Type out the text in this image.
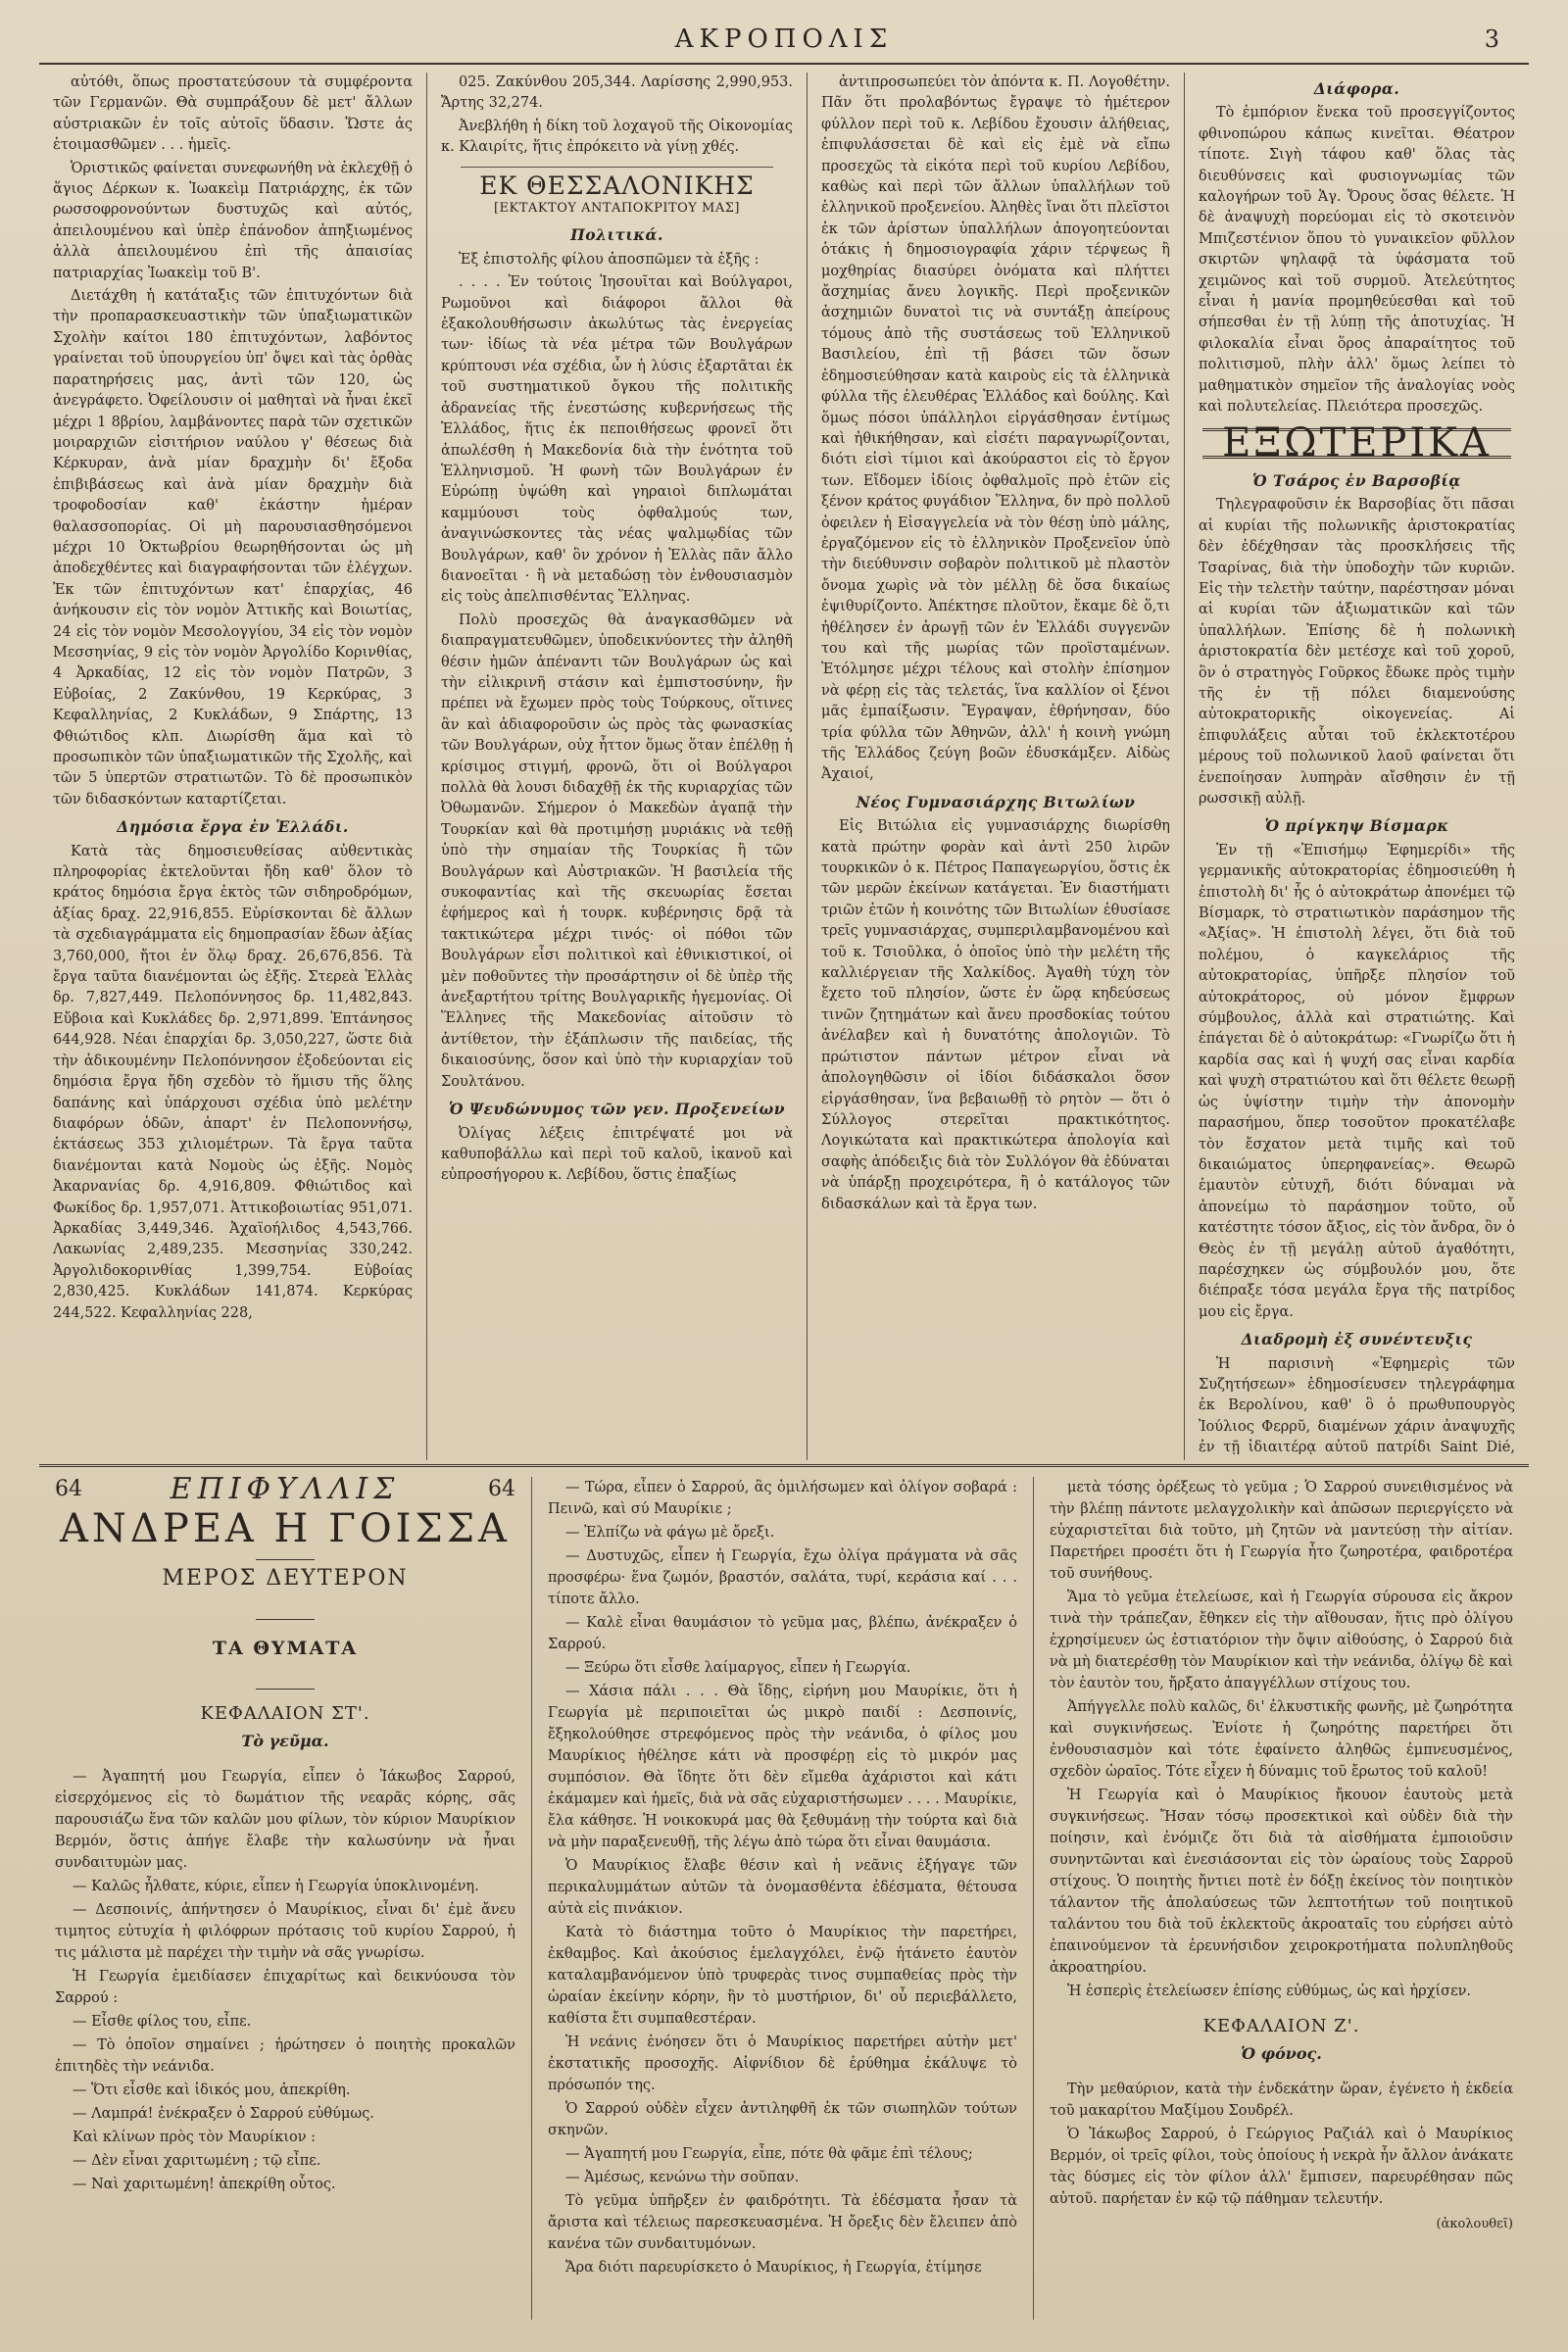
ΑΚΡΟΠΟΛΙΣ	3

αὐτόθι, ὅπως προστατεύσουν τὰ συμφέροντα τῶν Γερμανῶν. Θὰ συμπράξουν δὲ μετ' ἄλλων αὐστριακῶν ἐν τοῖς αὐτοῖς ὕδασιν. Ὥστε ἀς ἑτοιμασθῶμεν . . . ἡμεῖς.

Ὁριστικῶς φαίνεται συνεφωνήθη νὰ ἐκλεχθῇ ὁ ἅγιος Δέρκων κ. Ἰωακεὶμ Πατριάρχης, ἐκ τῶν ρωσσοφρονούντων δυστυχῶς καὶ αὐτός, ἀπειλουμένου καὶ ὑπὲρ ἐπάνοδον ἀπηξιωμένος ἀλλὰ ἀπειλουμένου ἐπὶ τῆς ἀπαισίας πατριαρχίας Ἰωακεὶμ τοῦ Β'.

Διετάχθη ἡ κατάταξις τῶν ἐπιτυχόντων διὰ τὴν προπαρασκευαστικὴν τῶν ὑπαξιωματικῶν Σχολὴν καίτοι 180 ἐπιτυχόντων, λαβόντος γραίνεται τοῦ ὑπουργείου ὑπ' ὄψει καὶ τὰς ὀρθὰς παρατηρήσεις μας, ἀντὶ τῶν 120, ὡς ἀνεγράφετο. Ὀφείλουσιν οἱ μαθηταὶ νὰ ἦναι ἐκεῖ μέχρι 1 8βρίου, λαμβάνοντες παρὰ τῶν σχετικῶν μοιραρχιῶν εἰσιτήριον ναύλου γ' θέσεως διὰ Κέρκυραν, ἀνὰ μίαν δραχμὴν δι' ἔξοδα ἐπιβιβάσεως καὶ ἀνὰ μίαν δραχμὴν διὰ τροφοδοσίαν καθ' ἑκάστην ἡμέραν θαλασσοπορίας. Οἱ μὴ παρουσιασθησόμενοι μέχρι 10 Ὀκτωβρίου θεωρηθήσονται ὡς μὴ ἀποδεχθέντες καὶ διαγραφήσονται τῶν ἐλέγχων. Ἐκ τῶν ἐπιτυχόντων κατ' ἐπαρχίας, 46 ἀνήκουσιν εἰς τὸν νομὸν Ἀττικῆς καὶ Βοιωτίας, 24 εἰς τὸν νομὸν Μεσολογγίου, 34 εἰς τὸν νομὸν Μεσσηνίας, 9 εἰς τὸν νομὸν Ἀργολίδο Κορινθίας, 4 Ἀρκαδίας, 12 εἰς τὸν νομὸν Πατρῶν, 3 Εὐβοίας, 2 Ζακύνθου, 19 Κερκύρας, 3 Κεφαλληνίας, 2 Κυκλάδων, 9 Σπάρτης, 13 Φθιώτιδος κλπ. Διωρίσθη ἅμα καὶ τὸ προσωπικὸν τῶν ὑπαξιωματικῶν τῆς Σχολῆς, καὶ τῶν 5 ὑπερτῶν στρατιωτῶν. Τὸ δὲ προσωπικὸν τῶν διδασκόντων καταρτίζεται.

Δημόσια ἔργα ἐν Ἑλλάδι.

Κατὰ τὰς δημοσιευθείσας αὐθεντικὰς πληροφορίας ἐκτελοῦνται ἤδη καθ' ὅλον τὸ κράτος δημόσια ἔργα ἐκτὸς τῶν σιδηροδρόμων, ἀξίας δραχ. 22,916,855. Εὑρίσκονται δὲ ἄλλων τὰ σχεδιαγράμματα εἰς δημοπρασίαν ἔδων ἀξίας 3,760,000, ἤτοι ἐν ὅλῳ δραχ. 26,676,856. Τὰ ἔργα ταῦτα διανέμονται ὡς ἑξῆς. Στερεὰ Ἑλλὰς δρ. 7,827,449. Πελοπόννησος δρ. 11,482,843. Εὔβοια καὶ Κυκλάδες δρ. 2,971,899. Ἑπτάνησος 644,928. Νέαι ἐπαρχίαι δρ. 3,050,227, ὥστε διὰ τὴν ἀδικουμένην Πελοπόννησον ἐξοδεύονται εἰς δημόσια ἔργα ἤδη σχεδὸν τὸ ἥμισυ τῆς ὅλης δαπάνης καὶ ὑπάρχουσι σχέδια ὑπὸ μελέτην διαφόρων ὁδῶν, ἀπαρτ' ἐν Πελοποννήσῳ, ἐκτάσεως 353 χιλιομέτρων. Τὰ ἔργα ταῦτα διανέμονται κατὰ Νομοὺς ὡς ἑξῆς. Νομὸς Ἀκαρνανίας δρ. 4,916,809. Φθιώτιδος καὶ Φωκίδος δρ. 1,957,071. Ἀττικοβοιωτίας 951,071. Ἀρκαδίας 3,449,346. Ἀχαϊοήλιδος 4,543,766. Λακωνίας 2,489,235. Μεσσηνίας 330,242. Ἀργολιδοκορινθίας 1,399,754. Εὐβοίας 2,830,425. Κυκλάδων 141,874. Κερκύρας 244,522. Κεφαλληνίας 228,

025. Ζακύνθου 205,344. Λαρίσσης 2,990,953. Ἄρτης 32,274.

Ἀνεβλήθη ἡ δίκη τοῦ λοχαγοῦ τῆς Οἰκονομίας κ. Κλαιρίτς, ἥτις ἐπρόκειτο νὰ γίνῃ χθές.

ΕΚ ΘΕΣΣΑΛΟΝΙΚΗΣ
[ΕΚΤΑΚΤΟΥ ΑΝΤΑΠΟΚΡΙΤΟΥ ΜΑΣ]
Πολιτικά.

Ἐξ ἐπιστολῆς φίλου ἀποσπῶμεν τὰ ἑξῆς :

. . . . Ἐν τούτοις Ἰησουῖται καὶ Βούλγαροι, Ρωμοῦνοι καὶ διάφοροι ἄλλοι θὰ ἐξακολουθήσωσιν ἀκωλύτως τὰς ἐνεργείας των· ἰδίως τὰ νέα μέτρα τῶν Βουλγάρων κρύπτουσι νέα σχέδια, ὧν ἡ λύσις ἐξαρτᾶται ἐκ τοῦ συστηματικοῦ ὄγκου τῆς πολιτικῆς ἀδρανείας τῆς ἐνεστώσης κυβερνήσεως τῆς Ἑλλάδος, ἥτις ἐκ πεποιθήσεως φρονεῖ ὅτι ἀπωλέσθη ἡ Μακεδονία διὰ τὴν ἑνότητα τοῦ Ἑλληνισμοῦ. Ἡ φωνὴ τῶν Βουλγάρων ἐν Εὐρώπῃ ὑψώθη καὶ γηραιοὶ διπλωμάται καμμύουσι τοὺς ὀφθαλμούς των, ἀναγινώσκοντες τὰς νέας ψαλμῳδίας τῶν Βουλγάρων, καθ' ὃν χρόνον ἡ Ἑλλὰς πᾶν ἄλλο διανοεῖται · ἢ νὰ μεταδώσῃ τὸν ἐνθουσιασμὸν εἰς τοὺς ἀπελπισθέντας Ἕλληνας.

Πολὺ προσεχῶς θὰ ἀναγκασθῶμεν νὰ διαπραγματευθῶμεν, ὑποδεικνύοντες τὴν ἀληθῆ θέσιν ἡμῶν ἀπέναντι τῶν Βουλγάρων ὡς καὶ τὴν εἰλικρινῆ στάσιν καὶ ἐμπιστοσύνην, ἣν πρέπει νὰ ἔχωμεν πρὸς τοὺς Τούρκους, οἵτινες ἂν καὶ ἀδιαφοροῦσιν ὡς πρὸς τὰς φωνασκίας τῶν Βουλγάρων, οὐχ ἧττον ὅμως ὅταν ἐπέλθῃ ἡ κρίσιμος στιγμή, φρονῶ, ὅτι οἱ Βούλγαροι πολλὰ θὰ λουσι διδαχθῇ ἐκ τῆς κυριαρχίας τῶν Ὀθωμανῶν. Σήμερον ὁ Μακεδὼν ἀγαπᾷ τὴν Τουρκίαν καὶ θὰ προτιμήσῃ μυριάκις νὰ τεθῇ ὑπὸ τὴν σημαίαν τῆς Τουρκίας ἢ τῶν Βουλγάρων καὶ Αὐστριακῶν. Ἡ βασιλεία τῆς συκοφαντίας καὶ τῆς σκευωρίας ἔσεται ἐφήμερος καὶ ἡ τουρκ. κυβέρνησις δρᾷ τὰ τακτικώτερα μέχρι τινός· οἱ πόθοι τῶν Βουλγάρων εἶσι πολιτικοὶ καὶ ἐθνικιστικοί, οἱ μὲν ποθοῦντες τὴν προσάρτησιν οἱ δὲ ὑπὲρ τῆς ἀνεξαρτήτου τρίτης Βουλγαρικῆς ἡγεμονίας. Οἱ Ἕλληνες τῆς Μακεδονίας αἰτοῦσιν τὸ ἀντίθετον, τὴν ἐξάπλωσιν τῆς παιδείας, τῆς δικαιοσύνης, ὅσον καὶ ὑπὸ τὴν κυριαρχίαν τοῦ Σουλτάνου.

Ὁ Ψευδώνυμος τῶν γεν. Προξενείων

Ὀλίγας λέξεις ἐπιτρέψατέ μοι νὰ καθυποβάλλω καὶ περὶ τοῦ καλοῦ, ἱκανοῦ καὶ εὐπροσήγορου κ. Λεβίδου, ὅστις ἐπαξίως

ἀντιπροσωπεύει τὸν ἀπόντα κ. Π. Λογοθέτην. Πᾶν ὅτι προλαβόντως ἔγραψε τὸ ἡμέτερον φύλλον περὶ τοῦ κ. Λεβίδου ἔχουσιν ἀλήθειας, ἐπιφυλάσσεται δὲ καὶ εἰς ἐμὲ νὰ εἴπω προσεχῶς τὰ εἰκότα περὶ τοῦ κυρίου Λεβίδου, καθὼς καὶ περὶ τῶν ἄλλων ὑπαλλήλων τοῦ ἑλληνικοῦ προξενείου. Ἀληθὲς ἴναι ὅτι πλεῖστοι ἐκ τῶν ἀρίστων ὑπαλλήλων ἀπογοητεύονται ὁτάκις ἡ δημοσιογραφία χάριν τέρψεως ἢ μοχθηρίας διασύρει ὀνόματα καὶ πλήττει ἄσχημίας ἄνευ λογικῆς. Περὶ προξενικῶν ἀσχημιῶν δυνατοὶ τις νὰ συντάξῃ ἀπείρους τόμους ἀπὸ τῆς συστάσεως τοῦ Ἑλληνικοῦ Βασιλείου, ἐπὶ τῇ βάσει τῶν ὅσων ἐδημοσιεύθησαν κατὰ καιροὺς εἰς τὰ ἑλληνικὰ φύλλα τῆς ἐλευθέρας Ἑλλάδος καὶ δούλης. Καὶ ὅμως πόσοι ὑπάλληλοι εἰργάσθησαν ἐντίμως καὶ ἠθικήθησαν, καὶ εἰσέτι παραγνωρίζονται, διότι εἰσὶ τίμιοι καὶ ἀκούραστοι εἰς τὸ ἔργον των. Εἴδομεν ἰδίοις ὀφθαλμοῖς πρὸ ἐτῶν εἰς ξένον κράτος φυγάδιον Ἕλληνα, δν πρὸ πολλοῦ ὀφειλεν ἡ Εἰσαγγελεία νὰ τὸν θέσῃ ὑπὸ μάλης, ἐργαζόμενον εἰς τὸ ἑλληνικὸν Προξενεῖον ὑπὸ τὴν διεύθυνσιν σοβαρὸν πολιτικοῦ μὲ πλαστὸν ὄνομα χωρὶς νὰ τὸν μέλλῃ δὲ ὅσα δικαίως ἐψιθυρίζοντο. Ἀπέκτησε πλοῦτον, ἔκαμε δὲ ὅ,τι ἠθέλησεν ἐν ἀρωγῇ τῶν ἐν Ἑλλάδι συγγενῶν του καὶ τῆς μωρίας τῶν προϊσταμένων. Ἐτόλμησε μέχρι τέλους καὶ στολὴν ἐπίσημον νὰ φέρῃ εἰς τὰς τελετάς, ἵνα καλλίον οἱ ξένοι μᾶς ἐμπαίξωσιν. Ἔγραψαν, ἐθρήνησαν, δύο τρία φύλλα τῶν Ἀθηνῶν, ἀλλ' ἡ κοινὴ γνώμη τῆς Ἑλλάδος ζεύγη βοῶν ἐδυσκάμξεν. Αἰδὼς Ἀχαιοί,

Νέος Γυμνασιάρχης Βιτωλίων

Εἰς Βιτώλια εἰς γυμνασιάρχης διωρίσθη κατὰ πρώτην φορὰν καὶ ἀντὶ 250 λιρῶν τουρκικῶν ὁ κ. Πέτρος Παπαγεωργίου, ὅστις ἐκ τῶν μερῶν ἐκείνων κατάγεται. Ἐν διαστήματι τριῶν ἐτῶν ἡ κοινότης τῶν Βιτωλίων ἐθυσίασε τρεῖς γυμνασιάρχας, συμπεριλαμβανομένου καὶ τοῦ κ. Τσιοῦλκα, ὁ ὁποῖος ὑπὸ τὴν μελέτη τῆς καλλιέργειαν τῆς Χαλκίδος. Ἀγαθὴ τύχη τὸν ἔχετο τοῦ πλησίον, ὥστε ἐν ὥρᾳ κηδεύσεως τινῶν ζητημάτων καὶ ἄνευ προσδοκίας τούτου ἀνέλαβεν καὶ ἡ δυνατότης ἀπολογιῶν. Τὸ πρώτιστον πάντων μέτρον εἶναι νὰ ἀπολογηθῶσιν οἱ ἰδίοι διδάσκαλοι ὅσον εἰργάσθησαν, ἵνα βεβαιωθῇ τὸ ρητὸν — ὅτι ὁ Σύλλογος στερεῖται πρακτικότητος. Λογικώτατα καὶ πρακτικώτερα ἀπολογία καὶ σαφὴς ἀπόδειξις διὰ τὸν Συλλόγον θὰ ἐδύναται νὰ ὑπάρξῃ προχειρότερα, ἢ ὁ κατάλογος τῶν διδασκάλων καὶ τὰ ἔργα των.

Διάφορα.

Τὸ ἐμπόριον ἕνεκα τοῦ προσεγγίζοντος φθινοπώρου κάπως κινεῖται. Θέατρον τίποτε. Σιγὴ τάφου καθ' ὅλας τὰς διευθύνσεις καὶ φυσιογνωμίας τῶν καλογήρων τοῦ Ἁγ. Ὄρους ὅσας θέλετε. Ἡ δὲ ἀναψυχὴ πορεύομαι εἰς τὸ σκοτεινὸν Μπιζεστένιον ὅπου τὸ γυναικεῖον φῦλλον σκιρτῶν ψηλαφᾷ τὰ ὑφάσματα τοῦ χειμῶνος καὶ τοῦ συρμοῦ. Ἀτελεύτητος εἶναι ἡ μανία προμηθεύεσθαι καὶ τοῦ σήπεσθαι ἐν τῇ λύπῃ τῆς ἀποτυχίας. Ἡ φιλοκαλία εἶναι ὅρος ἀπαραίτητος τοῦ πολιτισμοῦ, πλὴν ἀλλ' ὅμως λείπει τὸ μαθηματικὸν σημεῖον τῆς ἀναλογίας νοὸς καὶ πολυτελείας. Πλειότερα προσεχῶς.

ΕΞΩΤΕΡΙΚΑ
Ὁ Τσάρος ἐν Βαρσοβίᾳ

Τηλεγραφοῦσιν ἐκ Βαρσοβίας ὅτι πᾶσαι αἱ κυρίαι τῆς πολωνικῆς ἀριστοκρατίας δὲν ἐδέχθησαν τὰς προσκλήσεις τῆς Τσαρίνας, διὰ τὴν ὑποδοχὴν τῶν κυριῶν. Εἰς τὴν τελετὴν ταύτην, παρέστησαν μόναι αἱ κυρίαι τῶν ἀξιωματικῶν καὶ τῶν ὑπαλλήλων. Ἐπίσης δὲ ἡ πολωνικὴ ἀριστοκρατία δὲν μετέσχε καὶ τοῦ χοροῦ, ὃν ὁ στρατηγὸς Γοῦρκος ἔδωκε πρὸς τιμὴν τῆς ἐν τῇ πόλει διαμενούσης αὐτοκρατορικῆς οἰκογενείας. Αἱ ἐπιφυλάξεις αὗται τοῦ ἐκλεκτοτέρου μέρους τοῦ πολωνικοῦ λαοῦ φαίνεται ὅτι ἐνεποίησαν λυπηρὰν αἴσθησιν ἐν τῇ ρωσσικῇ αὐλῇ.

Ὁ πρίγκηψ Βίσμαρκ

Ἐν τῇ «Ἐπισήμῳ Ἐφημερίδι» τῆς γερμανικῆς αὐτοκρατορίας ἐδημοσιεύθη ἡ ἐπιστολὴ δι' ἧς ὁ αὐτοκράτωρ ἀπονέμει τῷ Βίσμαρκ, τὸ στρατιωτικὸν παράσημον τῆς «Ἀξίας». Ἡ ἐπιστολὴ λέγει, ὅτι διὰ τοῦ πολέμου, ὁ καγκελάριος τῆς αὐτοκρατορίας, ὑπῆρξε πλησίον τοῦ αὐτοκράτορος, οὐ μόνον ἔμφρων σύμβουλος, ἀλλὰ καὶ στρατιώτης. Καὶ ἐπάγεται δὲ ὁ αὐτοκράτωρ: «Γνωρίζω ὅτι ἡ καρδία σας καὶ ἡ ψυχή σας εἶναι καρδία καὶ ψυχὴ στρατιώτου καὶ ὅτι θέλετε θεωρῇ ὡς ὑψίστην τιμὴν τὴν ἀπονομὴν παρασήμου, ὅπερ τοσοῦτον προκατέλαβε τὸν ἔσχατον μετὰ τιμῆς καὶ τοῦ δικαιώματος ὑπερηφανείας». Θεωρῶ ἐμαυτὸν εὐτυχῆ, διότι δύναμαι νὰ ἀπονείμω τὸ παράσημον τοῦτο, οὗ κατέστητε τόσον ἄξιος, εἰς τὸν ἄνδρα, ὃν ὁ Θεὸς ἐν τῇ μεγάλῃ αὐτοῦ ἀγαθότητι, παρέσχηκεν ὡς σύμβουλόν μου, ὅτε διέπραξε τόσα μεγάλα ἔργα τῆς πατρίδος μου εἰς ἔργα.

Διαδρομὴ ἐξ συνέντευξις

Ἡ παρισινὴ «Ἐφημερὶς τῶν Συζητήσεων» ἐδημοσίευσεν τηλεγράφημα ἐκ Βερολίνου, καθ' ὃ ὁ πρωθυπουργὸς Ἰούλιος Φερρῦ, διαμένων χάριν ἀναψυχῆς ἐν τῇ ἰδιαιτέρᾳ αὐτοῦ πατρίδι Saint Dié,

64	ΕΠΙΦΥΛΛΙΣ	64
ΑΝΔΡΕΑ Η ΓΟΙΣΣΑ
ΜΕΡΟΣ ΔΕΥΤΕΡΟΝ
ΤΑ ΘΥΜΑΤΑ
ΚΕΦΑΛΑΙΟΝ ΣΤ'.
Τὸ γεῦμα.

— Ἀγαπητή μου Γεωργία, εἶπεν ὁ Ἰάκωβος Σαρρού, εἰσερχόμενος εἰς τὸ δωμάτιον τῆς νεαρᾶς κόρης, σᾶς παρουσιάζω ἕνα τῶν καλῶν μου φίλων, τὸν κύριον Μαυρίκιον Βερμόν, ὅστις ἀπήγε ἔλαβε τὴν καλωσύνην νὰ ἦναι συνδαιτυμὼν μας.

— Καλῶς ἦλθατε, κύριε, εἶπεν ἡ Γεωργία ὑποκλινομένη.

— Δεσποινίς, ἀπήντησεν ὁ Μαυρίκιος, εἶναι δι' ἐμὲ ἄνευ τιμητος εὐτυχία ἡ φιλόφρων πρότασις τοῦ κυρίου Σαρρού, ἡ τις μάλιστα μὲ παρέχει τὴν τιμὴν νὰ σᾶς γνωρίσω.

Ἡ Γεωργία ἐμειδίασεν ἐπιχαρίτως καὶ δεικνύουσα τὸν Σαρρού :

— Εἶσθε φίλος του, εἶπε.

— Τὸ ὁποῖον σημαίνει ; ἠρώτησεν ὁ ποιητὴς προκαλῶν ἐπιτηδὲς τὴν νεάνιδα.

— Ὅτι εἶσθε καὶ ἰδικός μου, ἀπεκρίθη.

— Λαμπρά! ἐνέκραξεν ὁ Σαρρού εὐθύμως.

Καὶ κλίνων πρὸς τὸν Μαυρίκιον :

— Δὲν εἶναι χαριτωμένη ; τῷ εἶπε.

— Ναὶ χαριτωμένη! ἀπεκρίθη οὗτος.

— Τώρα, εἶπεν ὁ Σαρρού, ἂς ὁμιλήσωμεν καὶ ὀλίγον σοβαρά : Πεινῶ, καὶ σύ Μαυρίκιε ;

— Ἐλπίζω νὰ φάγω μὲ ὄρεξι.

— Δυστυχῶς, εἶπεν ἡ Γεωργία, ἔχω ὀλίγα πράγματα νὰ σᾶς προσφέρω· ἕνα ζωμόν, βραστόν, σαλάτα, τυρί, κεράσια καί . . . τίποτε ἄλλο.

— Καλὲ εἶναι θαυμάσιον τὸ γεῦμα μας, βλέπω, ἀνέκραξεν ὁ Σαρρού.

— Ξεύρω ὅτι εἶσθε λαίμαργος, εἶπεν ἡ Γεωργία.

— Χάσια πάλι . . . Θὰ ἴδῃς, εἰρήνη μου Μαυρίκιε, ὅτι ἡ Γεωργία μὲ περιποιεῖται ὡς μικρὸ παιδί : Δεσποινίς, ἔξηκολούθησε στρεφόμενος πρὸς τὴν νεάνιδα, ὁ φίλος μου Μαυρίκιος ἠθέλησε κάτι νὰ προσφέρῃ εἰς τὸ μικρόν μας συμπόσιον. Θὰ ἴδητε ὅτι δὲν εἴμεθα ἀχάριστοι καὶ κάτι ἐκάμαμεν καὶ ἡμεῖς, διὰ νὰ σᾶς εὐχαριστήσωμεν . . . . Μαυρίκιε, ἔλα κάθησε. Ἡ νοικοκυρά μας θὰ ξεθυμάνῃ τὴν τούρτα καὶ διὰ νὰ μὴν παραξενευθῇ, τῆς λέγω ἀπὸ τώρα ὅτι εἶναι θαυμάσια.

Ὁ Μαυρίκιος ἔλαβε θέσιν καὶ ἡ νεᾶνις ἐξήγαγε τῶν περικαλυμμάτων αὐτῶν τὰ ὀνομασθέντα ἐδέσματα, θέτουσα αὐτὰ εἰς πινάκιον.

Κατὰ τὸ διάστημα τοῦτο ὁ Μαυρίκιος τὴν παρετήρει, ἐκθαμβος. Καὶ ἀκούσιος ἐμελαγχόλει, ἐνῷ ἠτάνετο ἑαυτὸν καταλαμβανόμενον ὑπὸ τρυφερὰς τινος συμπαθείας πρὸς τὴν ὡραίαν ἐκείνην κόρην, ἣν τὸ μυστήριον, δι' οὗ περιεβάλλετο, καθίστα ἔτι συμπαθεστέραν.

Ἡ νεάνις ἐνόησεν ὅτι ὁ Μαυρίκιος παρετήρει αὐτὴν μετ' ἐκστατικῆς προσοχῆς. Αἰφνίδιον δὲ ἐρύθημα ἐκάλυψε τὸ πρόσωπόν της.

Ὁ Σαρρού οὐδὲν εἶχεν ἀντιληφθῆ ἐκ τῶν σιωπηλῶν τούτων σκηνῶν.

— Ἀγαπητή μου Γεωργία, εἶπε, πότε θὰ φᾶμε ἐπὶ τέλους;

— Ἀμέσως, κενώνω τὴν σοῦπαν.

Τὸ γεῦμα ὑπῆρξεν ἐν φαιδρότητι. Τὰ ἐδέσματα ἦσαν τὰ ἄριστα καὶ τέλειως παρεσκευασμένα. Ἡ ὄρεξις δὲν ἔλειπεν ἀπὸ κανένα τῶν συνδαιτυμόνων.

Ἄρα διότι παρευρίσκετο ὁ Μαυρίκιος, ἡ Γεωργία, ἐτίμησε

μετὰ τόσης ὀρέξεως τὸ γεῦμα ; Ὁ Σαρρού συνειθισμένος νὰ τὴν βλέπῃ πάντοτε μελαγχολικὴν καὶ ἀπῶσων περιεργίςετο νὰ εὐχαριστεῖται διὰ τοῦτο, μὴ ζητῶν νὰ μαντεύσῃ τὴν αἰτίαν. Παρετήρει προσέτι ὅτι ἡ Γεωργία ἦτο ζωηροτέρα, φαιδροτέρα τοῦ συνήθους.

Ἅμα τὸ γεῦμα ἐτελείωσε, καὶ ἡ Γεωργία σύρουσα εἰς ἄκρον τινὰ τὴν τράπεζαν, ἔθηκεν εἰς τὴν αἴθουσαν, ἥτις πρὸ ὀλίγου ἐχρησίμευεν ὡς ἑστιατόριον τὴν ὄψιν αἰθούσης, ὁ Σαρρού διὰ νὰ μὴ διατερέσθῃ τὸν Μαυρίκιον καὶ τὴν νεάνιδα, ὀλίγῳ δὲ καὶ τὸν ἑαυτὸν του, ἤρξατο ἀπαγγέλλων στίχους του.

Ἀπήγγελλε πολὺ καλῶς, δι' ἐλκυστικῆς φωνῆς, μὲ ζωηρότητα καὶ συγκινήσεως. Ἐνίοτε ἡ ζωηρότης παρετήρει ὅτι ἐνθουσιασμὸν καὶ τότε ἐφαίνετο ἀληθῶς ἐμπνευσμένος, σχεδὸν ὡραῖος. Τότε εἶχεν ἡ δύναμις τοῦ ἔρωτος τοῦ καλοῦ!

Ἡ Γεωργία καὶ ὁ Μαυρίκιος ἤκουον ἑαυτοὺς μετὰ συγκινήσεως. Ἤσαν τόσῳ προσεκτικοὶ καὶ οὐδὲν διὰ τὴν ποίησιν, καὶ ἐνόμιζε ὅτι διὰ τὰ αἰσθήματα ἐμποιοῦσιν συνηντῶνται καὶ ἐνεσιάσονται εἰς τὸν ὡραίους τοὺς Σαρροῦ στίχους. Ὁ ποιητὴς ἤντιει ποτὲ ἐν δόξῃ ἐκείνος τὸν ποιητικὸν τάλαντον τῆς ἀπολαύσεως τῶν λεπτοτήτων τοῦ ποιητικοῦ ταλάντου του διὰ τοῦ ἐκλεκτοῦς ἀκροαταῖς του εὐρήσει αὐτὸ ἐπαινούμενον τὰ ἐρευνήσιδον χειροκροτήματα πολυπληθοῦς ἀκροατηρίου.

Ἡ ἑσπερὶς ἐτελείωσεν ἐπίσης εὐθύμως, ὡς καὶ ἠρχίσεν.

ΚΕΦΑΛΑΙΟΝ Ζ'.
Ὁ φόνος.

Τὴν μεθαύριον, κατὰ τὴν ἑνδεκάτην ὥραν, ἐγένετο ἡ ἐκδεία τοῦ μακαρίτου Μαξίμου Σουδρέλ.

Ὁ Ἰάκωβος Σαρρού, ὁ Γεώργιος Ραζιάλ καὶ ὁ Μαυρίκιος Βερμόν, οἱ τρεῖς φίλοι, τοὺς ὁποίους ἡ νεκρὰ ἦν ἄλλον ἀνάκατε τὰς δύσμες εἰς τὸν φίλον ἀλλ' ἔμπισεν, παρευρέθησαν πῶς αὐτοῦ. παρήεταν ἐν κῷ τῷ πάθημαν τελευτήν.

(ἀκολουθεῖ)
